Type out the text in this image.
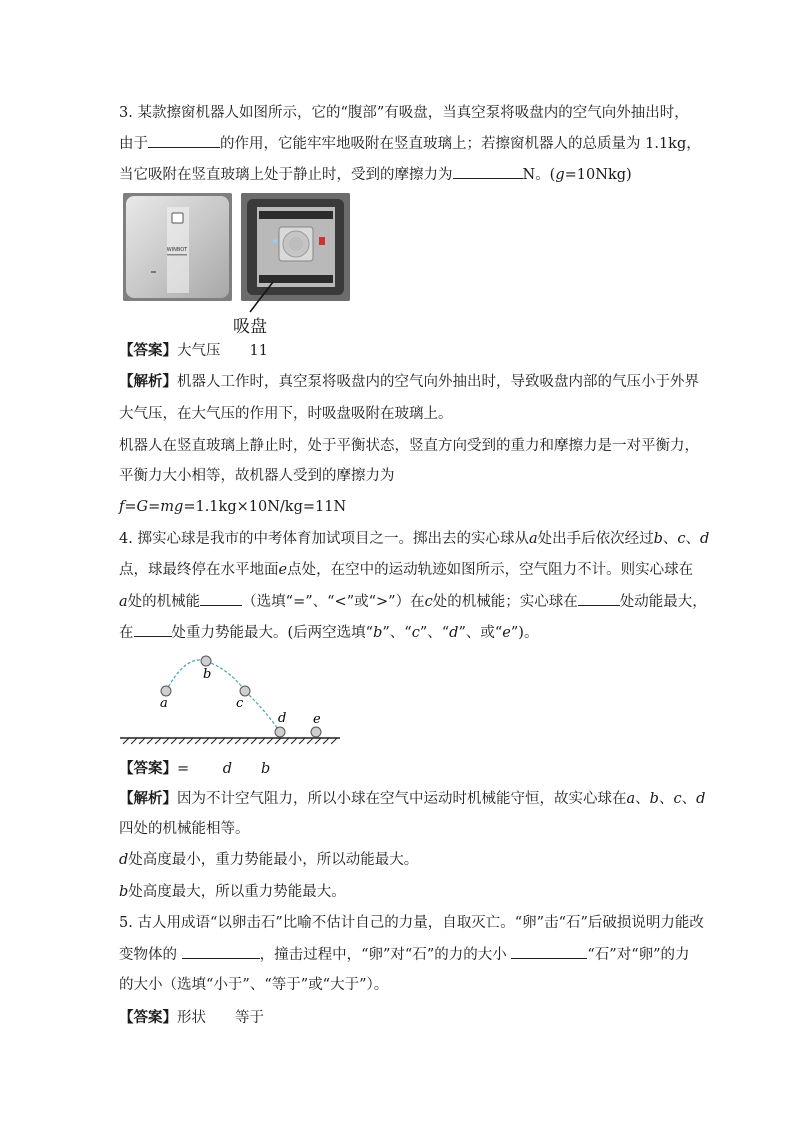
3. 某款擦窗机器人如图所示，它的“腹部”有吸盘，当真空泵将吸盘内的空气向外抽出时，
由于	的作用，它能牢牢地吸附在竖直玻璃上；若擦窗机器人的总质量为 1.1kg，
当它吸附在竖直玻璃上处于静止时，受到的摩擦力为	N。(g=10Nkg)
WINBOT
吸盘
【答案】大气压　　11
【解析】机器人工作时，真空泵将吸盘内的空气向外抽出时，导致吸盘内部的气压小于外界
大气压，在大气压的作用下，时吸盘吸附在玻璃上。
机器人在竖直玻璃上静止时，处于平衡状态，竖直方向受到的重力和摩擦力是一对平衡力，
平衡力大小相等，故机器人受到的摩擦力为
f=G=mg=1.1kg×10N/kg=11N
4. 掷实心球是我市的中考体育加试项目之一。掷出去的实心球从a处出手后依次经过b、c、d
点，球最终停在水平地面e点处，在空中的运动轨迹如图所示，空气阻力不计。则实心球在
a处的机械能	（选填“=”、“<”或“>”）在c处的机械能；实心球在	处动能最大，
在	处重力势能最大。(后两空选填“b”、“c”、“d”、或“e”)。
a
b
c
d e
【答案】=　　 d　　b
【解析】因为不计空气阻力，所以小球在空气中运动时机械能守恒，故实心球在a、b、c、d
四处的机械能相等。
d处高度最小，重力势能最小，所以动能最大。
b处高度最大，所以重力势能最大。
5. 古人用成语“以卵击石”比喻不估计自己的力量，自取灭亡。“卵”击“石”后破损说明力能改
变物体的	，撞击过程中，“卵”对“石”的力的大小	“石”对“卵”的力
的大小（选填“小于”、“等于”或“大于”）。
【答案】形状　　等于
